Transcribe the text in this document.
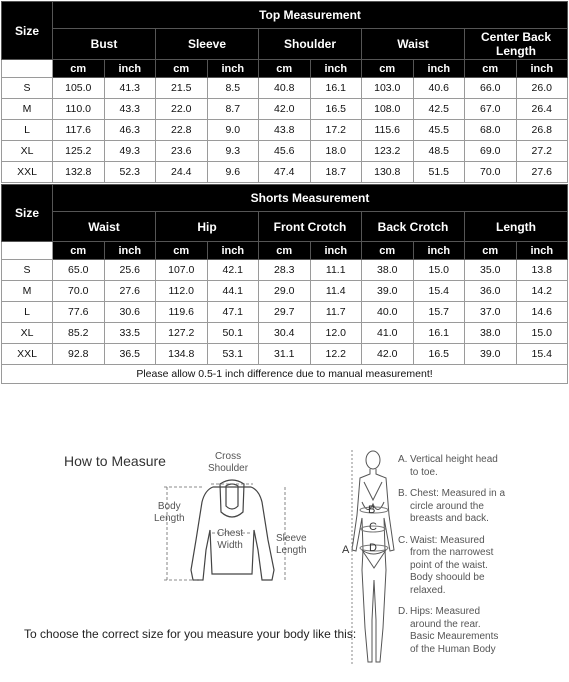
Size	Top Measurement									
	Bust		Sleeve		Shoulder		Waist		Center Back Length	
	cm	inch	cm	inch	cm	inch	cm	inch	cm	inch
S	105.0	41.3	21.5	8.5	40.8	16.1	103.0	40.6	66.0	26.0
M	110.0	43.3	22.0	8.7	42.0	16.5	108.0	42.5	67.0	26.4
L	117.6	46.3	22.8	9.0	43.8	17.2	115.6	45.5	68.0	26.8
XL	125.2	49.3	23.6	9.3	45.6	18.0	123.2	48.5	69.0	27.2
XXL	132.8	52.3	24.4	9.6	47.4	18.7	130.8	51.5	70.0	27.6
Size	Shorts Measurement									
	Waist		Hip		Front Crotch		Back Crotch		Length	
	cm	inch	cm	inch	cm	inch	cm	inch	cm	inch
S	65.0	25.6	107.0	42.1	28.3	11.1	38.0	15.0	35.0	13.8
M	70.0	27.6	112.0	44.1	29.0	11.4	39.0	15.4	36.0	14.2
L	77.6	30.6	119.6	47.1	29.7	11.7	40.0	15.7	37.0	14.6
XL	85.2	33.5	127.2	50.1	30.4	12.0	41.0	16.1	38.0	15.0
XXL	92.8	36.5	134.8	53.1	31.1	12.2	42.0	16.5	39.0	15.4
Please allow 0.5-1 inch difference due to manual measurement!										
How to Measure	Cross
Shoulder
Body
Length
Chest
Width
Sleeve
Length	A
B
C
D
A. Vertical height head
to toe.
B. Chest: Measured in a
circle around the
breasts and back.
C. Waist: Measured
from the narrowest
point of the waist.
Body shoould be
relaxed.
D. Hips: Measured
around the rear.
Basic Meaurements
of the Human Body
To choose the correct size for you measure your body like this:
